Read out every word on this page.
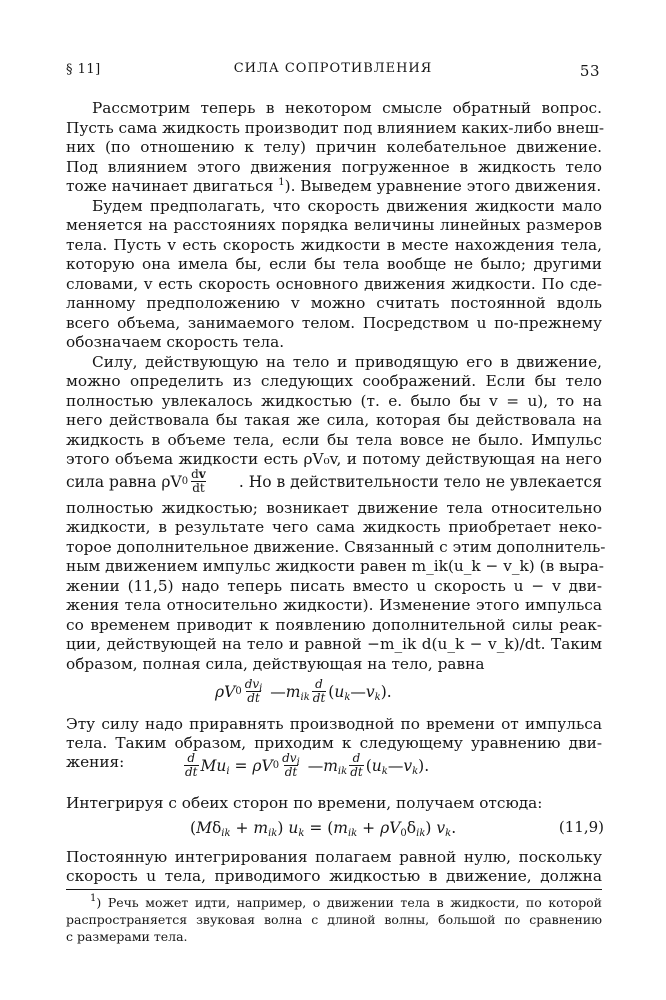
§ 11]	СИЛА СОПРОТИВЛЕНИЯ	53
Рассмотрим теперь в некотором смысле обратный вопрос.
Пусть сама жидкость производит под влиянием каких-либо внеш-
них (по отношению к телу) причин колебательное движение.
Под влиянием этого движения погруженное в жидкость тело
тоже начинает двигаться $^1$). Выведем уравнение этого движения.
Будем предполагать, что скорость движения жидкости мало
меняется на расстояниях порядка величины линейных размеров
тела. Пусть v есть скорость жидкости в месте нахождения тела,
которую она имела бы, если бы тела вообще не было; другими
словами, v есть скорость основного движения жидкости. По сде-
ланному предположению v можно считать постоянной вдоль
всего объема, занимаемого телом. Посредством u по-прежнему
обозначаем скорость тела.
Силу, действующую на тело и приводящую его в движение,
можно определить из следующих соображений. Если бы тело
полностью увлекалось жидкостью (т. е. было бы v = u), то на
него действовала бы такая же сила, которая бы действовала на
жидкость в объеме тела, если бы тела вовсе не было. Импульс
этого объема жидкости есть ρV₀v, и потому действующая на него
сила равна ρV $0 \frac{dv}{dt}$ . Но в действительности тело не увлекается
полностью жидкостью; возникает движение тела относительно
жидкости, в результате чего сама жидкость приобретает неко-
торое дополнительное движение. Связанный с этим дополнитель-
ным движением импульс жидкости равен m_ik(u_k − v_k) (в выра-
жении (11,5) надо теперь писать вместо u скорость u − v дви-
жения тела относительно жидкости). Изменение этого импульса
со временем приводит к появлению дополнительной силы реак-
ции, действующей на тело и равной −m_ik d(u_k − v_k)/dt. Таким
образом, полная сила, действующая на тело, равна
ρV $0 \frac{dv_i}{dt}$ — $m_{ik} \frac{d}{dt}$ ( $u_k$ — $v_k$ ).
Эту силу надо приравнять производной по времени от импульса
тела. Таким образом, приходим к следующему уравнению дви-
жения:	$\frac{d}{dt} Mu_i = \rho V$ $0 \frac{dv_i}{dt}$ — $m_{ik} \frac{d}{dt}$ ( $u_k$ — $v_k$ ).
Интегрируя с обеих сторон по времени, получаем отсюда:
$(M\delta_{ik} + m_{ik}) u_k = (m_{ik} + \rho V_0\delta_{ik})$ $v_k$.	(11,9)
Постоянную интегрирования полагаем равной нулю, поскольку
скорость u тела, приводимого жидкостью в движение, должна
$^1$) Речь может идти, например, о движении тела в жидкости, по которой
распространяется звуковая волна с длиной волны, большой по сравнению
с размерами тела.
